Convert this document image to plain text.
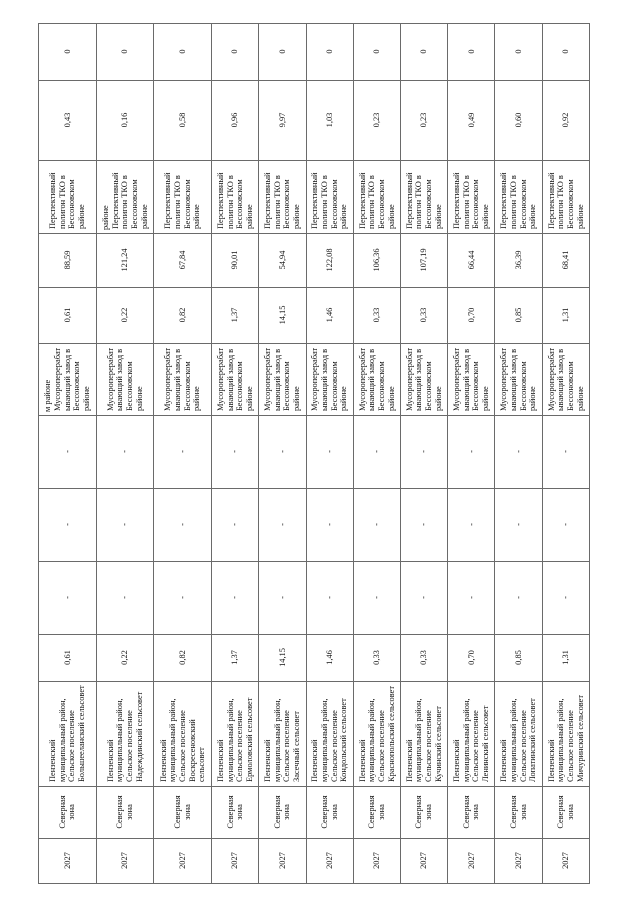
2027	Северная зона	Пензенский муниципальный район, Сельское поселение Большееланский сельсовет	0,61	-	-	-	м районе Мусороперерабатывающий завод в Бессоновском районе	0,61	88,59	Перспективный полигон ТКО в Бессоновском районе	0,43	0

2027	Северная зона	Пензенский муниципальный район, Сельское поселение Надеждинский сельсовет	0,22	-	-	-	Мусороперерабатывающий завод в Бессоновском районе	0,22	121,24	районе Перспективный полигон ТКО в Бессоновском районе	0,16	0

2027	Северная зона	Пензенский муниципальный район, Сельское поселение Воскресеновский сельсовет	0,82	-	-	-	Мусороперерабатывающий завод в Бессоновском районе	0,82	67,84	Перспективный полигон ТКО в Бессоновском районе	0,58	0

2027	Северная зона	Пензенский муниципальный район, Сельское поселение Ермоловский сельсовет	1,37	-	-	-	Мусороперерабатывающий завод в Бессоновском районе	1,37	90,01	Перспективный полигон ТКО в Бессоновском районе	0,96	0

2027	Северная зона	Пензенский муниципальный район, Сельское поселение Засечный сельсовет	14,15	-	-	-	Мусороперерабатывающий завод в Бессоновском районе	14,15	54,94	Перспективный полигон ТКО в Бессоновском районе	9,97	0

2027	Северная зона	Пензенский муниципальный район, Сельское поселение Кондольский сельсовет	1,46	-	-	-	Мусороперерабатывающий завод в Бессоновском районе	1,46	122,08	Перспективный полигон ТКО в Бессоновском районе	1,03	0

2027	Северная зона	Пензенский муниципальный район, Сельское поселение Краснопольский сельсовет	0,33	-	-	-	Мусороперерабатывающий завод в Бессоновском районе	0,33	106,36	Перспективный полигон ТКО в Бессоновском районе	0,23	0

2027	Северная зона	Пензенский муниципальный район, Сельское поселение Кучинский сельсовет	0,33	-	-	-	Мусороперерабатывающий завод в Бессоновском районе	0,33	107,19	Перспективный полигон ТКО в Бессоновском районе	0,23	0

2027	Северная зона	Пензенский муниципальный район, Сельское поселение Ленинский сельсовет	0,70	-	-	-	Мусороперерабатывающий завод в Бессоновском районе	0,70	66,44	Перспективный полигон ТКО в Бессоновском районе	0,49	0

2027	Северная зона	Пензенский муниципальный район, Сельское поселение Лопатинский сельсовет	0,85	-	-	-	Мусороперерабатывающий завод в Бессоновском районе	0,85	36,39	Перспективный полигон ТКО в Бессоновском районе	0,60	0

2027	Северная зона	Пензенский муниципальный район, Сельское поселение Мичуринский сельсовет	1,31	-	-	-	Мусороперерабатывающий завод в Бессоновском районе	1,31	68,41	Перспективный полигон ТКО в Бессоновском районе	0,92	0
